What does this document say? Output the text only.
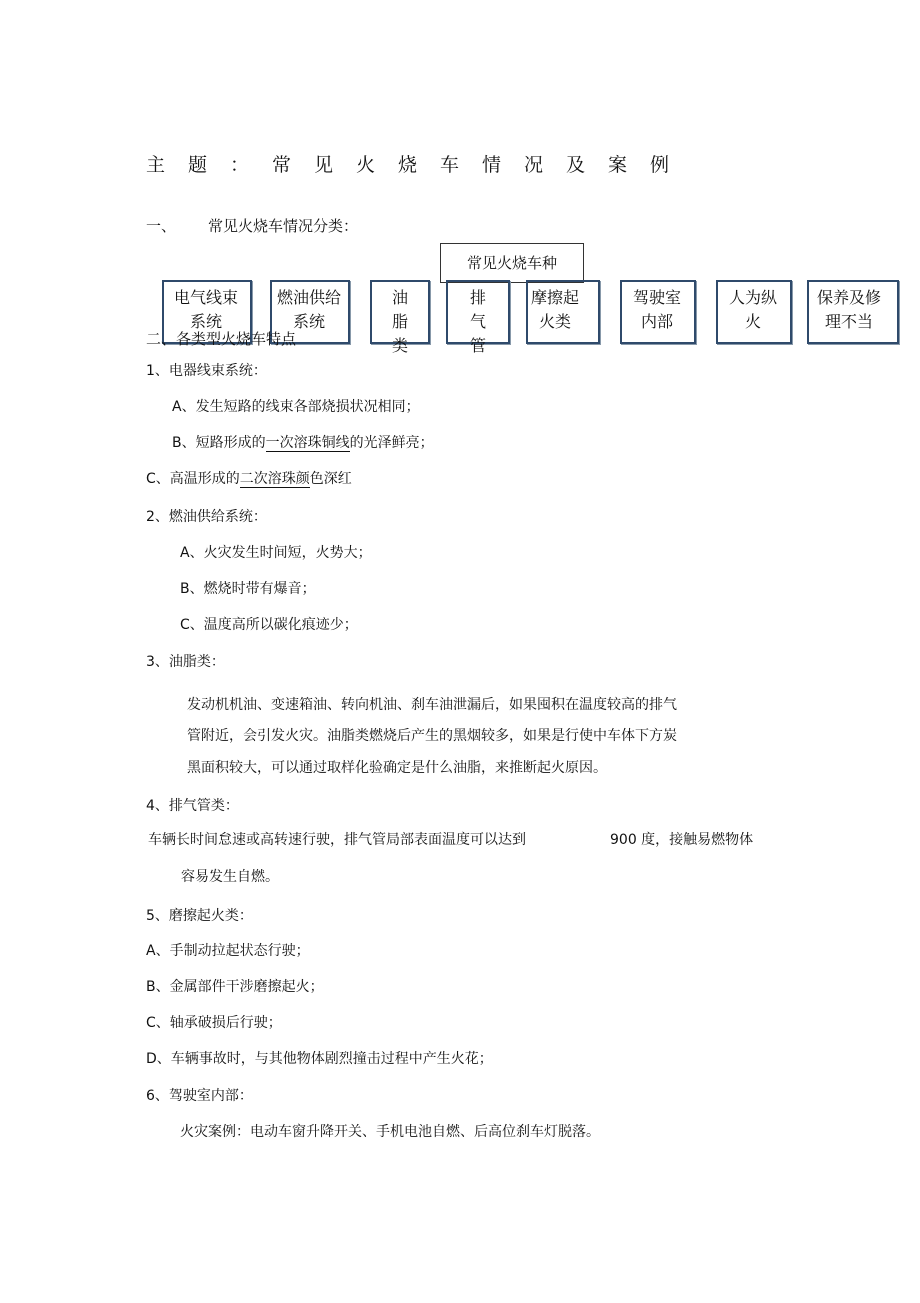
主题：常见火烧车情况及案例
一、 常见火烧车情况分类：
常见火烧车种
电气线束系统
燃油供给系统
油脂类
排气管
摩擦起火类
驾驶室内部
人为纵火
保养及修理不当
二、各类型火烧车特点
1、电器线束系统：
A、发生短路的线束各部烧损状况相同；
B、短路形成的一次溶珠铜线的光泽鲜亮；
C、高温形成的二次溶珠颜色深红
2、燃油供给系统：
A、火灾发生时间短，火势大；
B、燃烧时带有爆音；
C、温度高所以碳化痕迹少；
3、油脂类：
发动机机油、变速箱油、转向机油、刹车油泄漏后，如果囤积在温度较高的排气
管附近，会引发火灾。油脂类燃烧后产生的黑烟较多，如果是行使中车体下方炭
黑面积较大，可以通过取样化验确定是什么油脂，来推断起火原因。
4、排气管类：
车辆长时间怠速或高转速行驶，排气管局部表面温度可以达到	900 度，接触易燃物体
容易发生自燃。
5、磨擦起火类：
A、手制动拉起状态行驶；
B、金属部件干涉磨擦起火；
C、轴承破损后行驶；
D、车辆事故时，与其他物体剧烈撞击过程中产生火花；
6、驾驶室内部：
火灾案例：电动车窗升降开关、手机电池自燃、后高位刹车灯脱落。
